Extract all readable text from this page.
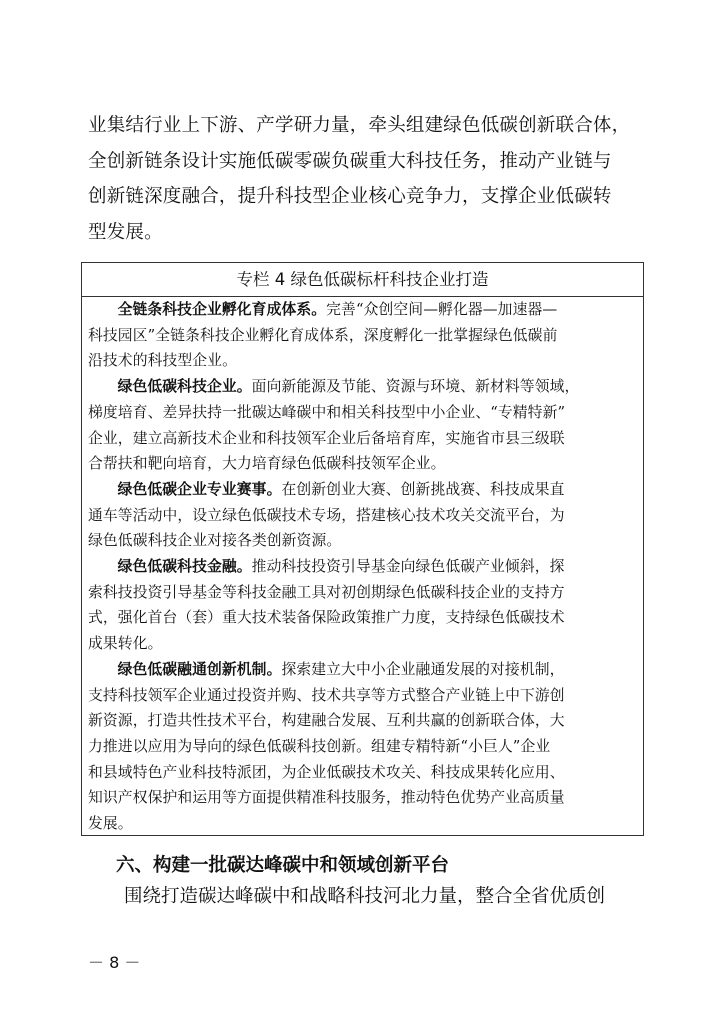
业集结行业上下游、产学研力量，牵头组建绿色低碳创新联合体，
全创新链条设计实施低碳零碳负碳重大科技任务，推动产业链与
创新链深度融合，提升科技型企业核心竞争力，支撑企业低碳转
型发展。
专栏 4 绿色低碳标杆科技企业打造
全链条科技企业孵化育成体系。完善“众创空间—孵化器—加速器—
科技园区”全链条科技企业孵化育成体系，深度孵化一批掌握绿色低碳前
沿技术的科技型企业。
绿色低碳科技企业。面向新能源及节能、资源与环境、新材料等领域，
梯度培育、差异扶持一批碳达峰碳中和相关科技型中小企业、“专精特新”
企业，建立高新技术企业和科技领军企业后备培育库，实施省市县三级联
合帮扶和靶向培育，大力培育绿色低碳科技领军企业。
绿色低碳企业专业赛事。在创新创业大赛、创新挑战赛、科技成果直
通车等活动中，设立绿色低碳技术专场，搭建核心技术攻关交流平台，为
绿色低碳科技企业对接各类创新资源。
绿色低碳科技金融。推动科技投资引导基金向绿色低碳产业倾斜，探
索科技投资引导基金等科技金融工具对初创期绿色低碳科技企业的支持方
式，强化首台（套）重大技术装备保险政策推广力度，支持绿色低碳技术
成果转化。
绿色低碳融通创新机制。探索建立大中小企业融通发展的对接机制，
支持科技领军企业通过投资并购、技术共享等方式整合产业链上中下游创
新资源，打造共性技术平台，构建融合发展、互利共赢的创新联合体，大
力推进以应用为导向的绿色低碳科技创新。组建专精特新“小巨人”企业
和县域特色产业科技特派团，为企业低碳技术攻关、科技成果转化应用、
知识产权保护和运用等方面提供精准科技服务，推动特色优势产业高质量
发展。
六、构建一批碳达峰碳中和领域创新平台
围绕打造碳达峰碳中和战略科技河北力量，整合全省优质创
－ 8 －
